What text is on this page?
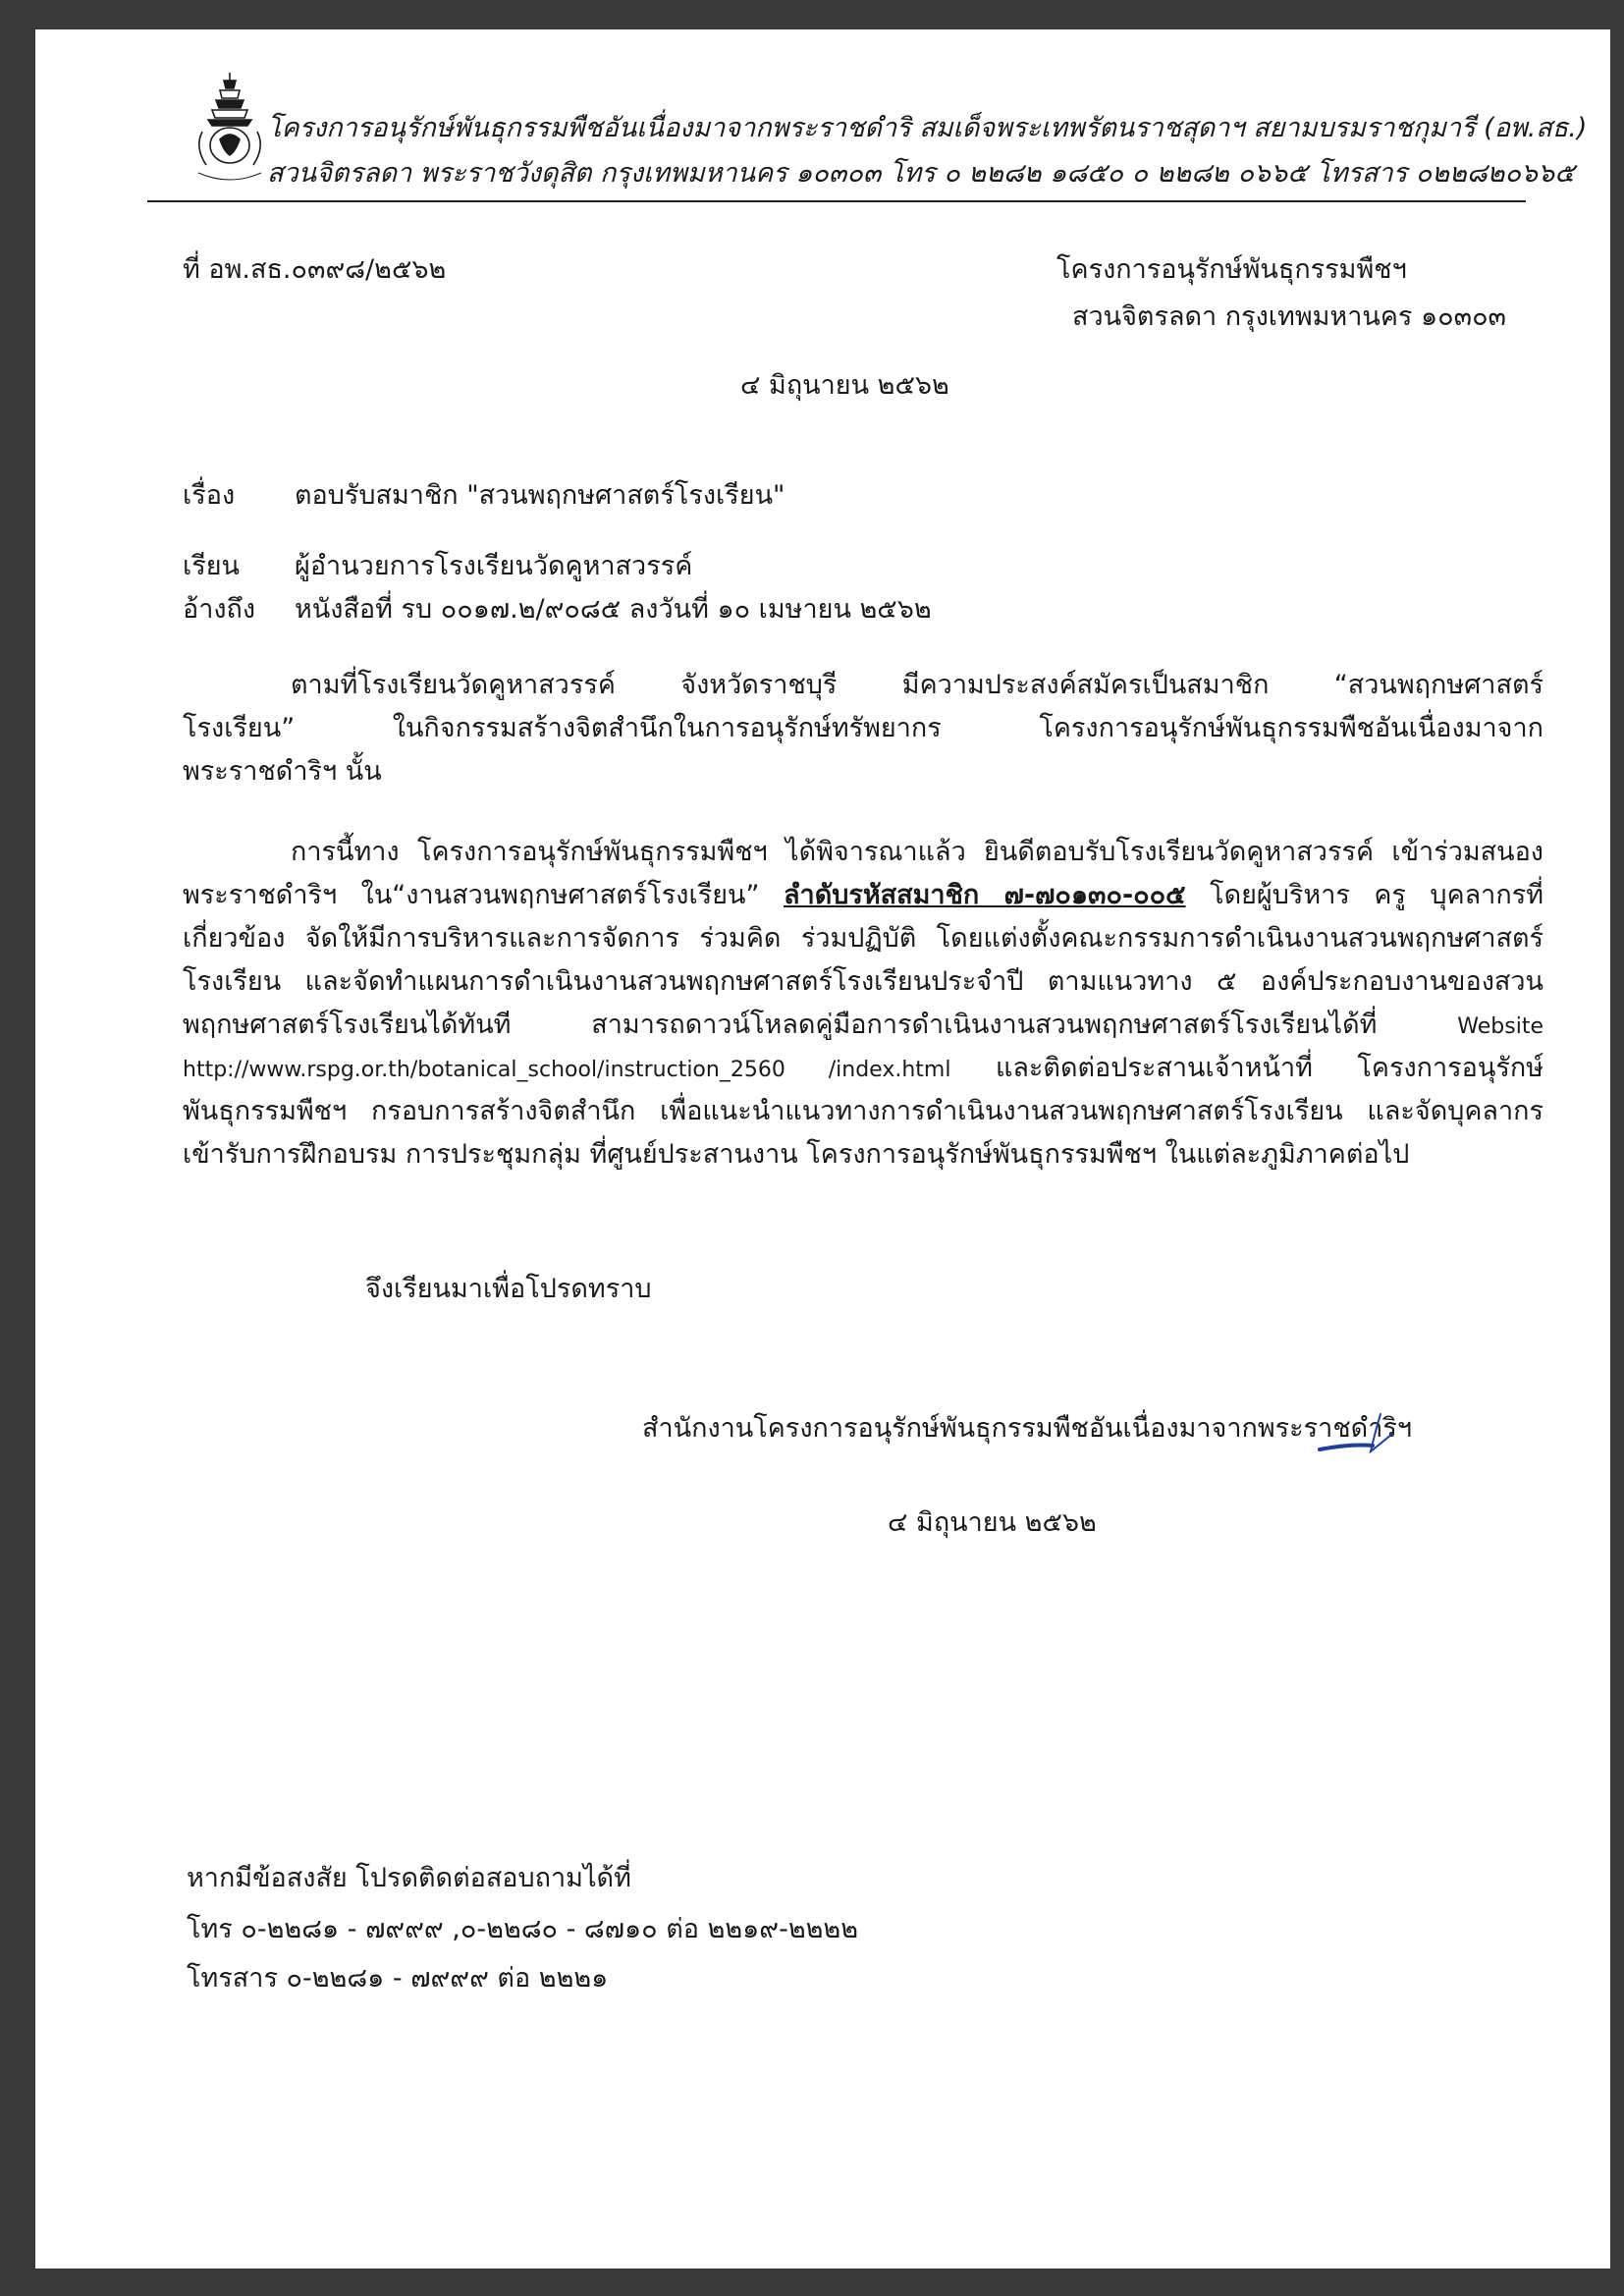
โครงการอนุรักษ์พันธุกรรมพืชอันเนื่องมาจากพระราชดำริ สมเด็จพระเทพรัตนราชสุดาฯ สยามบรมราชกุมารี (อพ.สธ.)
สวนจิตรลดา พระราชวังดุสิต กรุงเทพมหานคร ๑๐๓๐๓ โทร ๐ ๒๒๘๒ ๑๘๕๐ ๐ ๒๒๘๒ ๐๖๖๕ โทรสาร ๐๒๒๘๒๐๖๖๕
ที่ อพ.สธ.๐๓๙๘/๒๕๖๒	โครงการอนุรักษ์พันธุกรรมพืชฯ
สวนจิตรลดา กรุงเทพมหานคร ๑๐๓๐๓
๔ มิถุนายน ๒๕๖๒
เรื่อง ตอบรับสมาชิก "สวนพฤกษศาสตร์โรงเรียน"
เรียน ผู้อำนวยการโรงเรียนวัดคูหาสวรรค์
อ้างถึง หนังสือที่ รบ ๐๐๑๗.๒/๙๐๘๕ ลงวันที่ ๑๐ เมษายน ๒๕๖๒
ตามที่โรงเรียนวัดคูหาสวรรค์ จังหวัดราชบุรี มีความประสงค์สมัครเป็นสมาชิก “สวนพฤกษศาสตร์
โรงเรียน” ในกิจกรรมสร้างจิตสำนึกในการอนุรักษ์ทรัพยากร โครงการอนุรักษ์พันธุกรรมพืชอันเนื่องมาจาก
พระราชดำริฯ นั้น
การนี้ทาง โครงการอนุรักษ์พันธุกรรมพืชฯ ได้พิจารณาแล้ว ยินดีตอบรับโรงเรียนวัดคูหาสวรรค์ เข้าร่วมสนอง
พระราชดำริฯ ใน“งานสวนพฤกษศาสตร์โรงเรียน” ลำดับรหัสสมาชิก ๗-๗๐๑๓๐-๐๐๕ โดยผู้บริหาร ครู บุคลากรที่
เกี่ยวข้อง จัดให้มีการบริหารและการจัดการ ร่วมคิด ร่วมปฏิบัติ โดยแต่งตั้งคณะกรรมการดำเนินงานสวนพฤกษศาสตร์
โรงเรียน และจัดทำแผนการดำเนินงานสวนพฤกษศาสตร์โรงเรียนประจำปี ตามแนวทาง ๕ องค์ประกอบงานของสวน
พฤกษศาสตร์โรงเรียนได้ทันที สามารถดาวน์โหลดคู่มือการดำเนินงานสวนพฤกษศาสตร์โรงเรียนได้ที่	Website
http://www.rspg.or.th/botanical_school/instruction_2560 /index.html และติดต่อประสานเจ้าหน้าที่ โครงการอนุรักษ์
พันธุกรรมพืชฯ กรอบการสร้างจิตสำนึก เพื่อแนะนำแนวทางการดำเนินงานสวนพฤกษศาสตร์โรงเรียน และจัดบุคลากร
เข้ารับการฝึกอบรม การประชุมกลุ่ม ที่ศูนย์ประสานงาน โครงการอนุรักษ์พันธุกรรมพืชฯ ในแต่ละภูมิภาคต่อไป
จึงเรียนมาเพื่อโปรดทราบ
สำนักงานโครงการอนุรักษ์พันธุกรรมพืชอันเนื่องมาจากพระราชดำริฯ
๔ มิถุนายน ๒๕๖๒
หากมีข้อสงสัย โปรดติดต่อสอบถามได้ที่
โทร ๐-๒๒๘๑ - ๗๙๙๙ ,๐-๒๒๘๐ - ๘๗๑๐ ต่อ ๒๒๑๙-๒๒๒๒
โทรสาร ๐-๒๒๘๑ - ๗๙๙๙ ต่อ ๒๒๒๑
